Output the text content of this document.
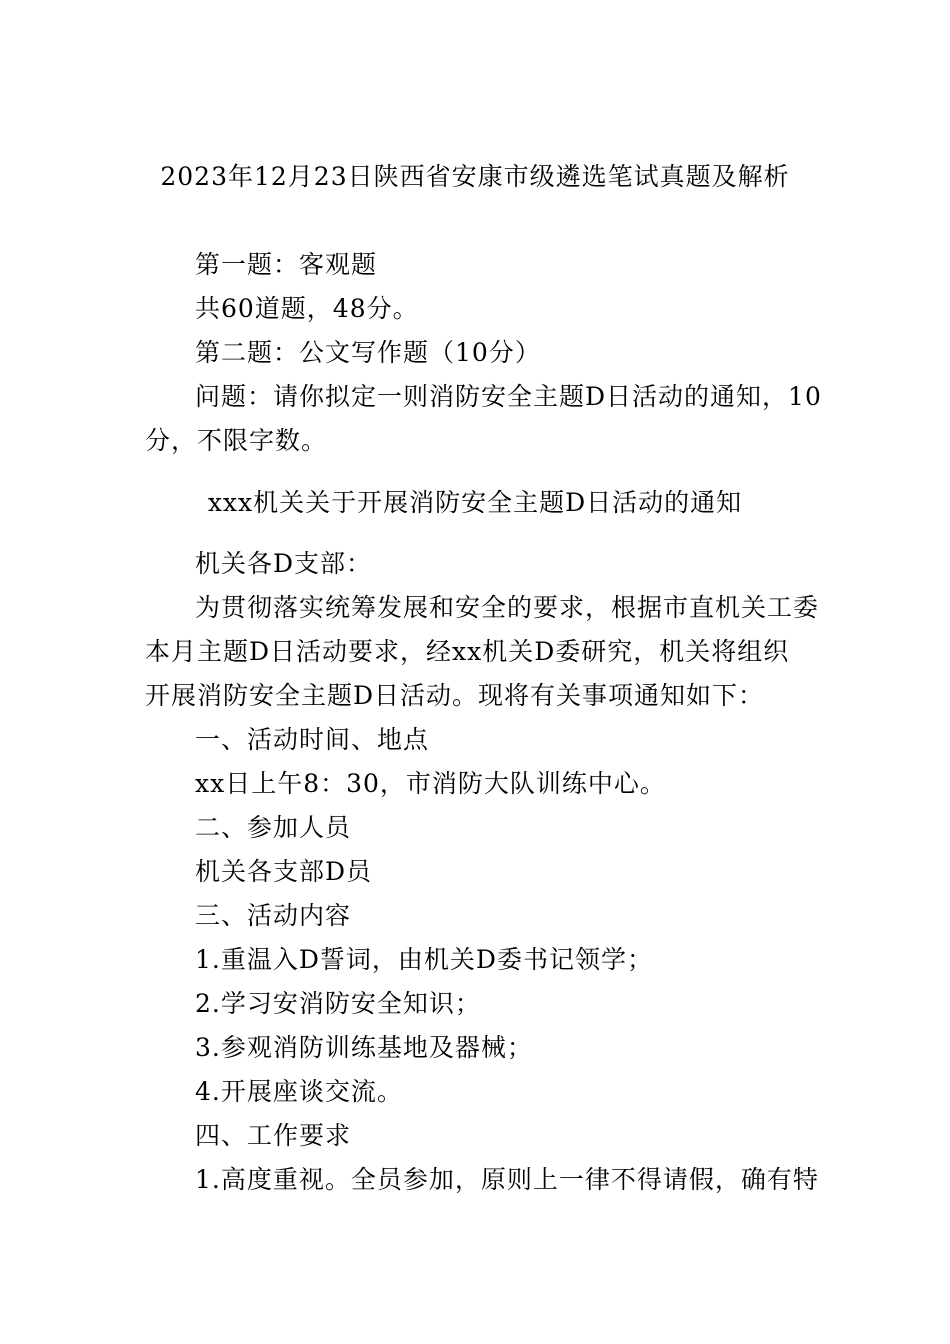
2023年12月23日陕西省安康市级遴选笔试真题及解析
第一题：客观题
共60道题，48分。
第二题：公文写作题（10分）
问题：请你拟定一则消防安全主题D日活动的通知，10
分，不限字数。
xxx机关关于开展消防安全主题D日活动的通知
机关各D支部：
为贯彻落实统筹发展和安全的要求，根据市直机关工委
本月主题D日活动要求，经xx机关D委研究，机关将组织
开展消防安全主题D日活动。现将有关事项通知如下：
一、活动时间、地点
xx日上午8：30，市消防大队训练中心。
二、参加人员
机关各支部D员
三、活动内容
1.重温入D誓词，由机关D委书记领学；
2.学习安消防安全知识；
3.参观消防训练基地及器械；
4.开展座谈交流。
四、工作要求
1.高度重视。全员参加，原则上一律不得请假，确有特
